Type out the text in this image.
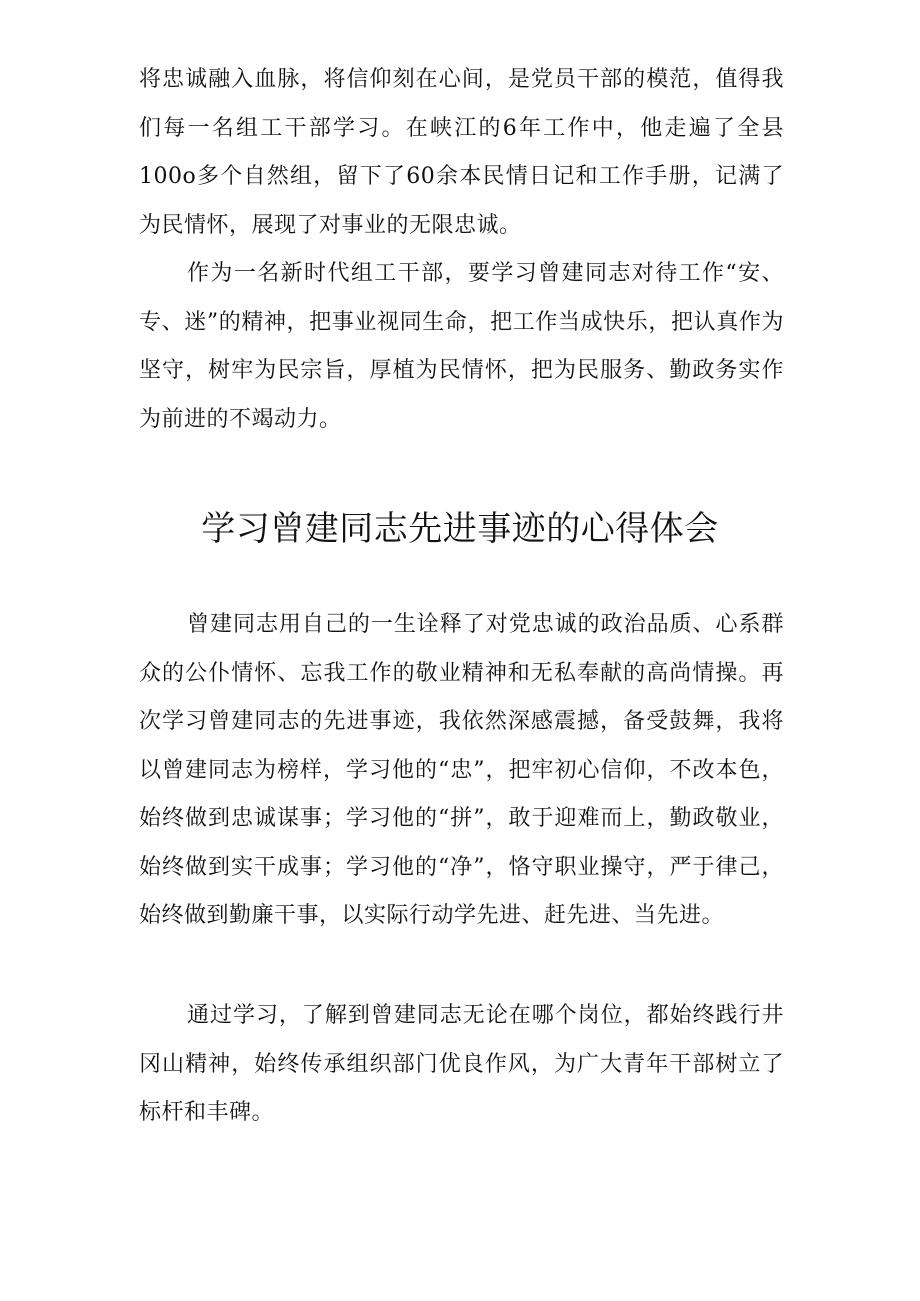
将忠诚融入血脉，将信仰刻在心间，是党员干部的模范，值得我们每一名组工干部学习。在峡江的6年工作中，他走遍了全县100o多个自然组，留下了60余本民情日记和工作手册，记满了为民情怀，展现了对事业的无限忠诚。

作为一名新时代组工干部，要学习曾建同志对待工作“安、专、迷”的精神，把事业视同生命，把工作当成快乐，把认真作为坚守，树牢为民宗旨，厚植为民情怀，把为民服务、勤政务实作为前进的不竭动力。

学习曾建同志先进事迹的心得体会

曾建同志用自己的一生诠释了对党忠诚的政治品质、心系群众的公仆情怀、忘我工作的敬业精神和无私奉献的高尚情操。再次学习曾建同志的先进事迹，我依然深感震撼，备受鼓舞，我将以曾建同志为榜样，学习他的“忠”，把牢初心信仰，不改本色，始终做到忠诚谋事；学习他的“拼”，敢于迎难而上，勤政敬业，始终做到实干成事；学习他的“净”，恪守职业操守，严于律己，始终做到勤廉干事，以实际行动学先进、赶先进、当先进。

通过学习，了解到曾建同志无论在哪个岗位，都始终践行井冈山精神，始终传承组织部门优良作风，为广大青年干部树立了标杆和丰碑。
